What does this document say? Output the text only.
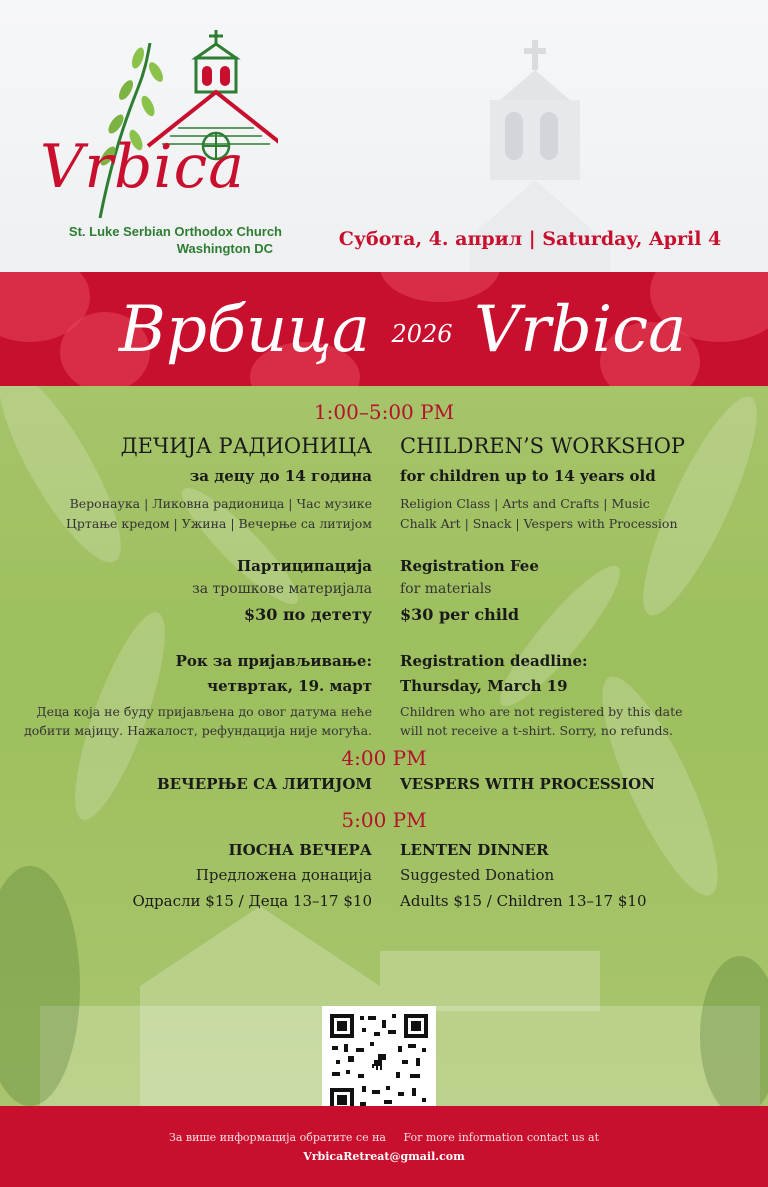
Vrbica
St. Luke Serbian Orthodox Church
Washington DC	Субота, 4. април | Saturday, April 4
Врбица 2026 Vrbica
1:00–5:00 PM
ДЕЧИЈА РАДИОНИЦА CHILDREN’S WORKSHOP
за децу до 14 година for children up to 14 years old
Веронаука | Ликовна радионица | Час музике
Цртање кредом | Ужина | Вечерње са литијом
Religion Class | Arts and Crafts | Music
Chalk Art | Snack | Vespers with Procession
Партиципација Registration Fee
за трошкове материјала for materials
$30 по детету $30 per child
Рок за пријављивање: Registration deadline:
четвртак, 19. март Thursday, March 19
Деца која не буду пријављена до овог датума неће
добити мајицу. Нажалост, рефундација није могућа.
Children who are not registered by this date
will not receive a t-shirt. Sorry, no refunds.
4:00 PM
ВЕЧЕРЊЕ СА ЛИТИЈОМ VESPERS WITH PROCESSION
5:00 PM
ПОСНА ВЕЧЕРА LENTEN DINNER
Предложена донација Suggested Donation
Одрасли $15 / Деца 13–17 $10 Adults $15 / Children 13–17 $10
За више информација обратите се на For more information contact us at
VrbicaRetreat@gmail.com
